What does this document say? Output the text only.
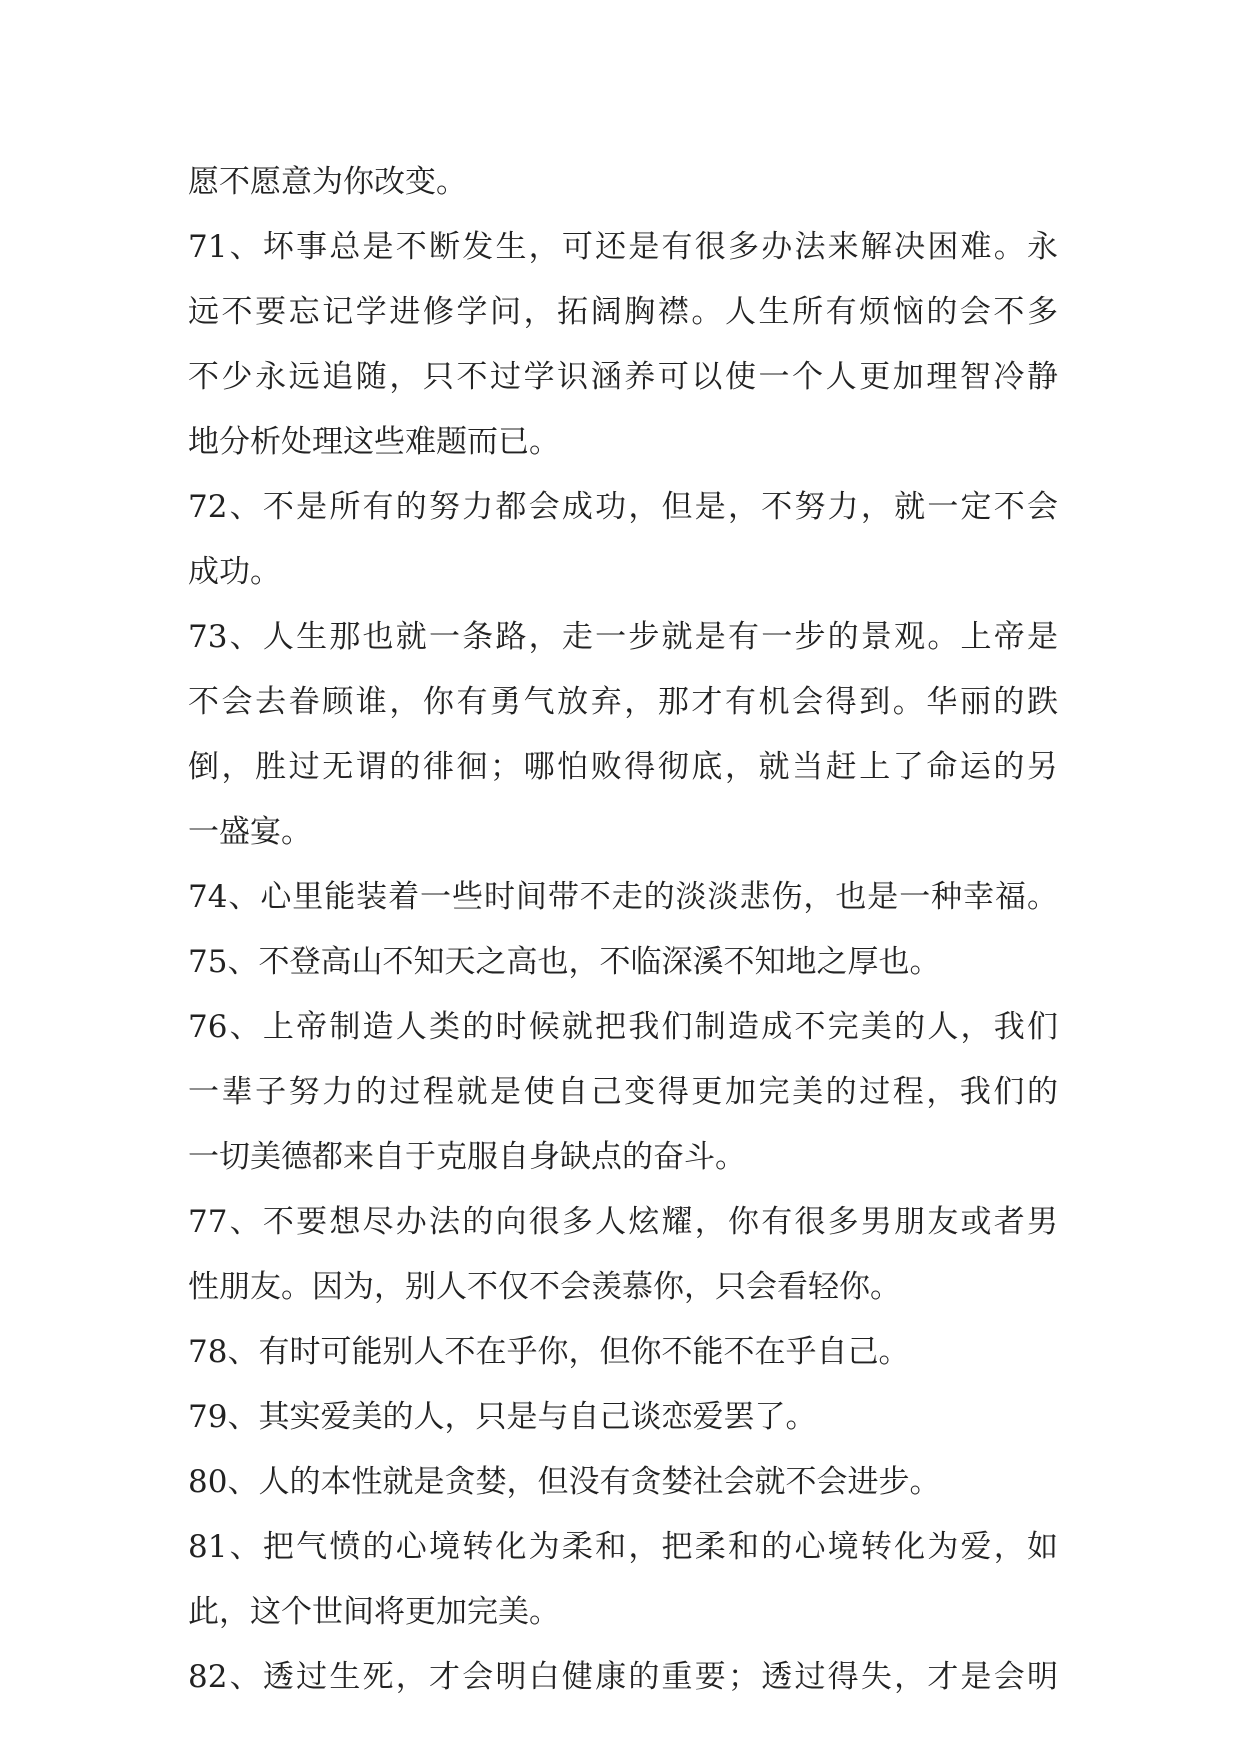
愿不愿意为你改变。
71、坏事总是不断发生，可还是有很多办法来解决困难。永
远不要忘记学进修学问，拓阔胸襟。人生所有烦恼的会不多
不少永远追随，只不过学识涵养可以使一个人更加理智冷静
地分析处理这些难题而已。
72、不是所有的努力都会成功，但是，不努力，就一定不会
成功。
73、人生那也就一条路，走一步就是有一步的景观。上帝是
不会去眷顾谁，你有勇气放弃，那才有机会得到。华丽的跌
倒，胜过无谓的徘徊；哪怕败得彻底，就当赶上了命运的另
一盛宴。
74、心里能装着一些时间带不走的淡淡悲伤，也是一种幸福。
75、不登高山不知天之高也，不临深溪不知地之厚也。
76、上帝制造人类的时候就把我们制造成不完美的人，我们
一辈子努力的过程就是使自己变得更加完美的过程，我们的
一切美德都来自于克服自身缺点的奋斗。
77、不要想尽办法的向很多人炫耀，你有很多男朋友或者男
性朋友。因为，别人不仅不会羡慕你，只会看轻你。
78、有时可能别人不在乎你，但你不能不在乎自己。
79、其实爱美的人，只是与自己谈恋爱罢了。
80、人的本性就是贪婪，但没有贪婪社会就不会进步。
81、把气愤的心境转化为柔和，把柔和的心境转化为爱，如
此，这个世间将更加完美。
82、透过生死，才会明白健康的重要；透过得失，才是会明
